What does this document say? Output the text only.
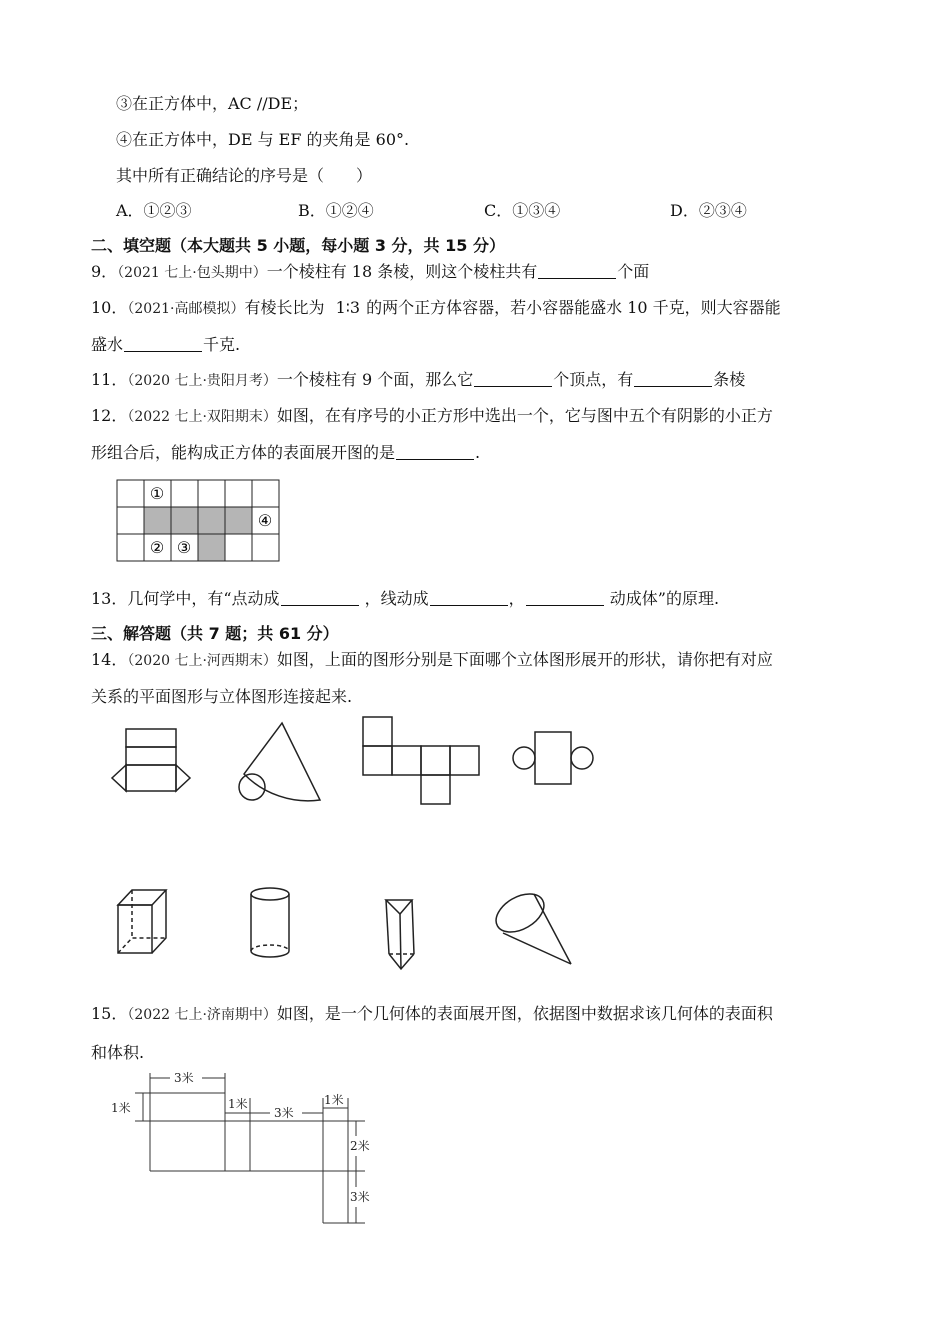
③在正方体中，AC //DE；
④在正方体中，DE 与 EF 的夹角是 60°.
其中所有正确结论的序号是（　　）
A．①②③	B．①②④	C．①③④	D．②③④
二、填空题（本大题共 5 小题，每小题 3 分，共 15 分）
9．（2021 七上·包头期中）一个棱柱有 18 条棱，则这个棱柱共有	个面
10．（2021·高邮模拟）有棱长比为 1∶3 的两个正方体容器，若小容器能盛水 10 千克，则大容器能
盛水	千克.
11．（2020 七上·贵阳月考）一个棱柱有 9 个面，那么它	个顶点，有	条棱
12．（2022 七上·双阳期末）如图，在有序号的小正方形中选出一个，它与图中五个有阴影的小正方
形组合后，能构成正方体的表面展开图的是	.
①
② ③
④
13．几何学中，有“点动成	，线动成	，	动成体”的原理.
三、解答题（共 7 题；共 61 分）
14．（2020 七上·河西期末）如图，上面的图形分别是下面哪个立体图形展开的形状，请你把有对应
关系的平面图形与立体图形连接起来.
15．（2022 七上·济南期中）如图，是一个几何体的表面展开图，依据图中数据求该几何体的表面积
和体积.
3米
1米	1米
3米
1米
2米
3米
